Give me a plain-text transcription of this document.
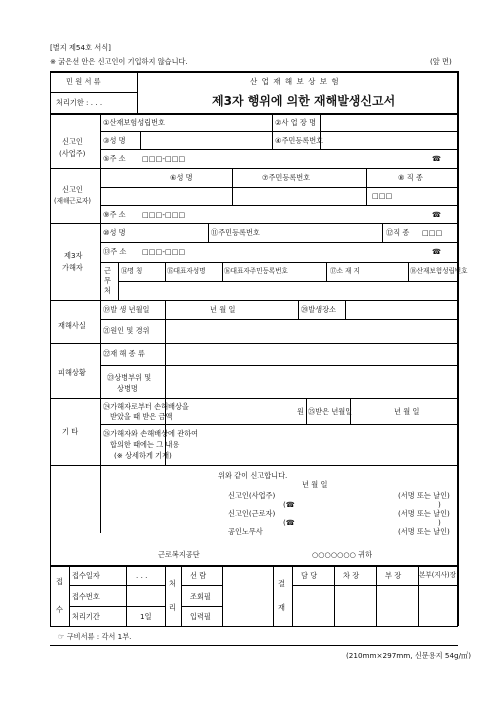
[별지 제54호 서식]
※ 굵은선 안은 신고인이 기입하지 않습니다.	(앞 면)
민 원 서 류
처리기한 : . . .
산 업 재 해 보 상 보 험
제3자 행위에 의한 재해발생신고서
신고인
(사업주)
①산재보험성립번호	②사 업 장 명
③성 명	④주민등록번호
⑤주 소 □□□-□□□	☎
신고인
(재해근로자)
⑥성 명	⑦주민등록번호	⑧ 직 종
□□□
⑨주 소 □□□-□□□	☎
제3자
가해자
⑩성 명	⑪주민등록번호	⑫직 종 □□□
⑬주 소 □□□-□□□	☎
근무처
⑭명 칭	⑮대표자성명	⑯대표자주민등록번호	⑰소 재 지	⑱산재보험성립번호
재해사실
⑲발 생 년월일	년 월 일	⑳발생장소
㉑원인 및 경위
피해상황
㉒재 해 종 류
㉓상병부위 및
상병명
기 타
㉔가해자로부터 손해배상을
받았을 때 받은 금액
원 ㉕받은 년월일	년 월 일
㉖가해자와 손해배상에 관하여
합의한 때에는 그 내용
(※ 상세하게 기재)
위와 같이 신고합니다.
년 월 일
신고인(사업주)	(서명 또는 날인)
(☎	)
신고인(근로자)	(서명 또는 날인)
(☎	)
공인노무사	(서명 또는 날인)
근로복지공단	○○○○○○○ 귀하
접
수
접수일자	. . .
접수번호
처리기간	1일
처
리
선 람
조회필
입력필
결
재
담 당	차 장	부 장	본부(지사)장
☞ 구비서류 : 각서 1부.
(210mm×297mm, 신문용지 54g/㎡)
